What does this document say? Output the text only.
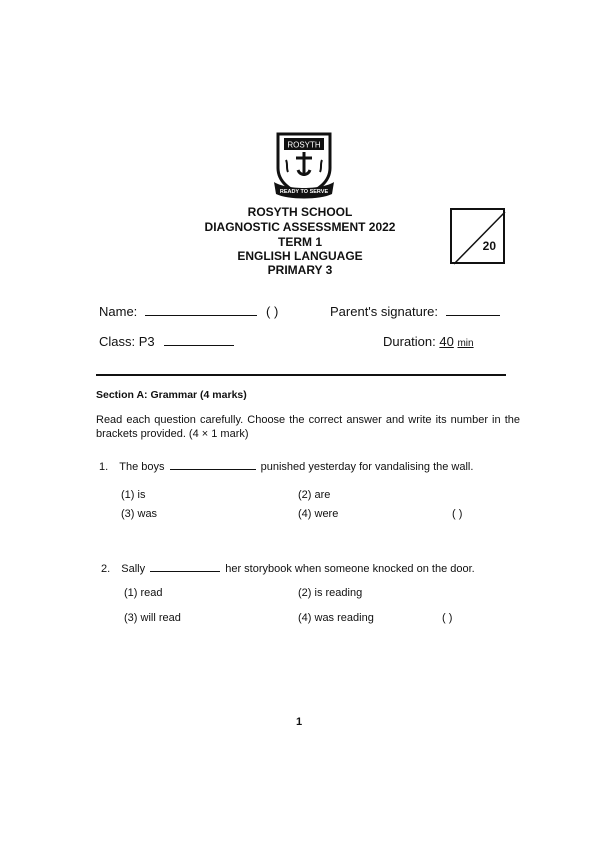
ROSYTH
READY TO SERVE
ROSYTH SCHOOL
DIAGNOSTIC ASSESSMENT 2022
TERM 1
ENGLISH LANGUAGE
PRIMARY 3
20
Name:	( )	Parent's signature:
Class: P3	Duration: 40 min
Section A: Grammar (4 marks)
Read each question carefully. Choose the correct answer and write its number in the brackets provided. (4 × 1 mark)
1. The boys	punished yesterday for vandalising the wall.
(1) is	(2) are
(3) was	(4) were	( )
2. Sally	her storybook when someone knocked on the door.
(1) read	(2) is reading
(3) will read	(4) was reading	( )
1
